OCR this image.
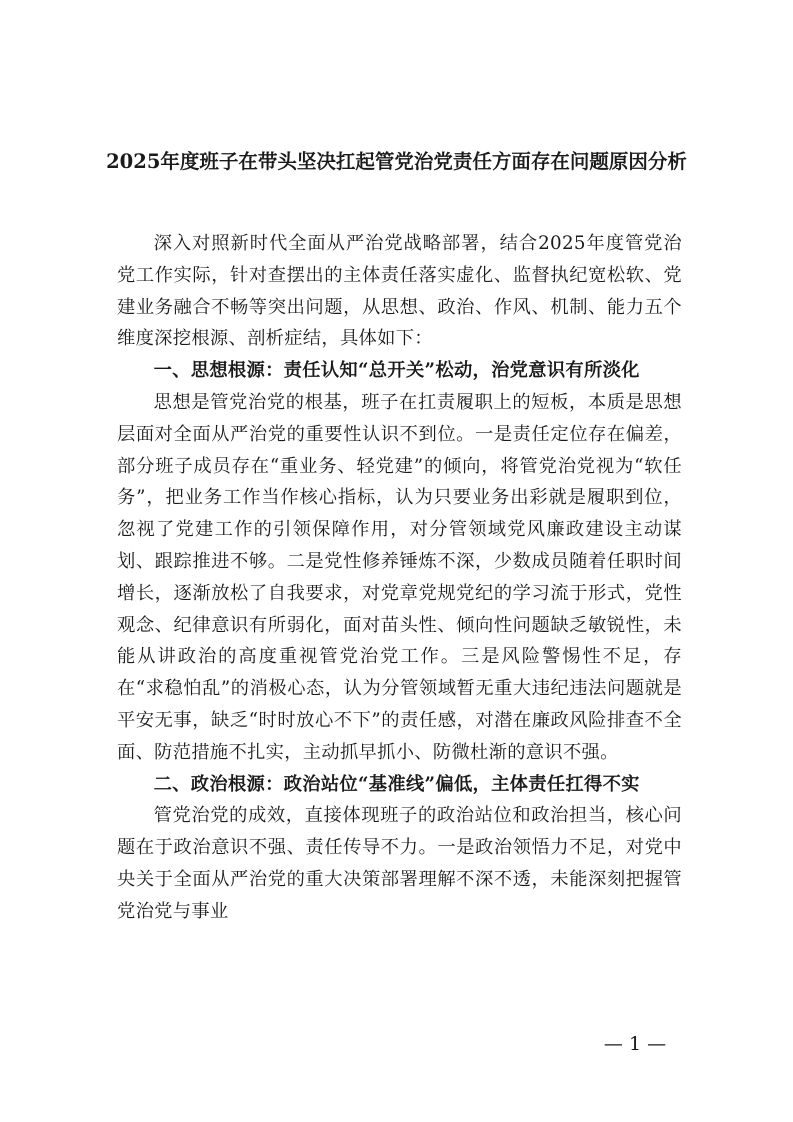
2025年度班子在带头坚决扛起管党治党责任方面存在问题原因分析

深入对照新时代全面从严治党战略部署，结合2025年度管党治党工作实际，针对查摆出的主体责任落实虚化、监督执纪宽松软、党建业务融合不畅等突出问题，从思想、政治、作风、机制、能力五个维度深挖根源、剖析症结，具体如下：

一、思想根源：责任认知“总开关”松动，治党意识有所淡化

思想是管党治党的根基，班子在扛责履职上的短板，本质是思想层面对全面从严治党的重要性认识不到位。一是责任定位存在偏差，部分班子成员存在“重业务、轻党建”的倾向，将管党治党视为“软任务”，把业务工作当作核心指标，认为只要业务出彩就是履职到位，忽视了党建工作的引领保障作用，对分管领域党风廉政建设主动谋划、跟踪推进不够。二是党性修养锤炼不深，少数成员随着任职时间增长，逐渐放松了自我要求，对党章党规党纪的学习流于形式，党性观念、纪律意识有所弱化，面对苗头性、倾向性问题缺乏敏锐性，未能从讲政治的高度重视管党治党工作。三是风险警惕性不足，存在“求稳怕乱”的消极心态，认为分管领域暂无重大违纪违法问题就是平安无事，缺乏“时时放心不下”的责任感，对潜在廉政风险排查不全面、防范措施不扎实，主动抓早抓小、防微杜渐的意识不强。

二、政治根源：政治站位“基准线”偏低，主体责任扛得不实

管党治党的成效，直接体现班子的政治站位和政治担当，核心问题在于政治意识不强、责任传导不力。一是政治领悟力不足，对党中央关于全面从严治党的重大决策部署理解不深不透，未能深刻把握管党治党与事业

— 1 —
